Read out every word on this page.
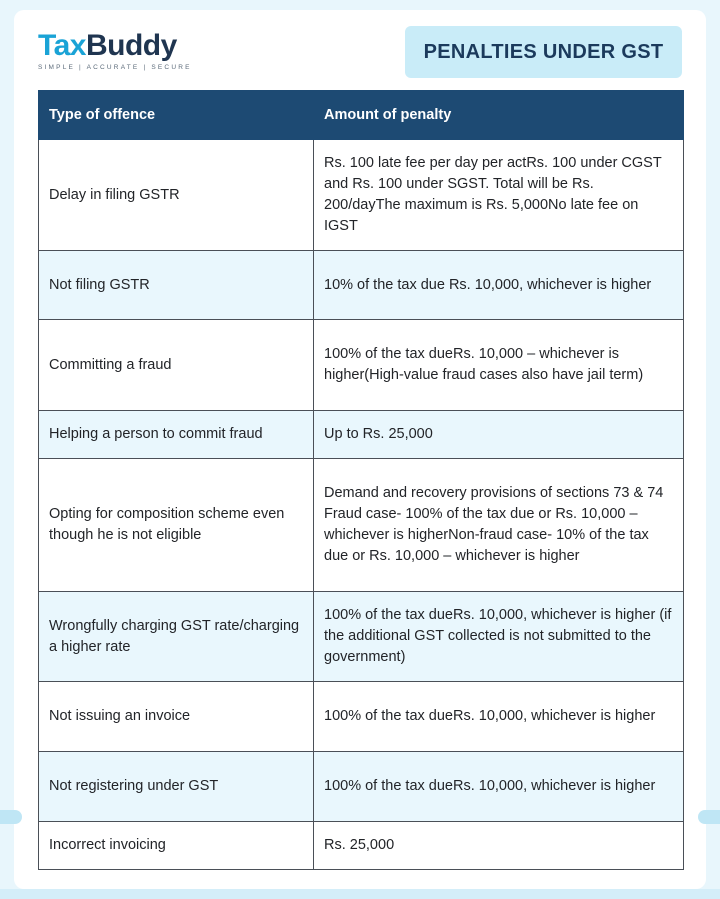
TaxBuddy
SIMPLE | ACCURATE | SECURE
PENALTIES UNDER GST
Type of offence	Amount of penalty
Delay in filing GSTR	Rs. 100 late fee per day per actRs. 100 under CGST and Rs. 100 under SGST. Total will be Rs. 200/dayThe maximum is Rs. 5,000No late fee on IGST
Not filing GSTR	10% of the tax due Rs. 10,000, whichever is higher
Committing a fraud	100% of the tax dueRs. 10,000 – whichever is higher(High-value fraud cases also have jail term)
Helping a person to commit fraud	Up to Rs. 25,000
Opting for composition scheme even though he is not eligible	Demand and recovery provisions of sections 73 & 74 Fraud case- 100% of the tax due or Rs. 10,000 – whichever is higherNon-fraud case- 10% of the tax due or Rs. 10,000 – whichever is higher
Wrongfully charging GST rate/charging a higher rate	100% of the tax dueRs. 10,000, whichever is higher (if the additional GST collected is not submitted to the government)
Not issuing an invoice	100% of the tax dueRs. 10,000, whichever is higher
Not registering under GST	100% of the tax dueRs. 10,000, whichever is higher
Incorrect invoicing	Rs. 25,000
